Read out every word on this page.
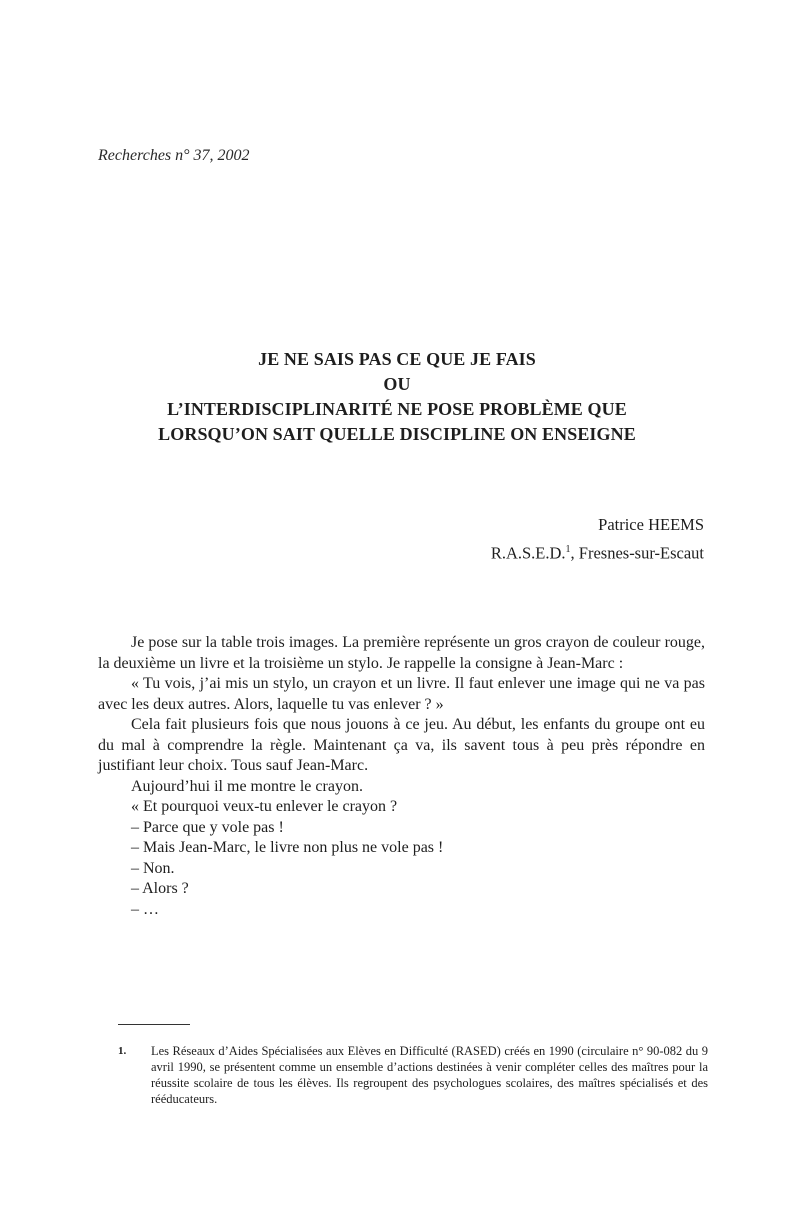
Recherches n° 37, 2002
JE NE SAIS PAS CE QUE JE FAIS
OU
L’INTERDISCIPLINARITÉ NE POSE PROBLÈME QUE
LORSQU’ON SAIT QUELLE DISCIPLINE ON ENSEIGNE
Patrice HEEMS
R.A.S.E.D.$^1$, Fresnes-sur-Escaut

Je pose sur la table trois images. La première représente un gros crayon de couleur rouge, la deuxième un livre et la troisième un stylo. Je rappelle la consigne à Jean-Marc :

« Tu vois, j’ai mis un stylo, un crayon et un livre. Il faut enlever une image qui ne va pas avec les deux autres. Alors, laquelle tu vas enlever ? »

Cela fait plusieurs fois que nous jouons à ce jeu. Au début, les enfants du groupe ont eu du mal à comprendre la règle. Maintenant ça va, ils savent tous à peu près répondre en justifiant leur choix. Tous sauf Jean-Marc.

Aujourd’hui il me montre le crayon.

« Et pourquoi veux-tu enlever le crayon ?

– Parce que y vole pas !

– Mais Jean-Marc, le livre non plus ne vole pas !

– Non.

– Alors ?

– …

1. Les Réseaux d’Aides Spécialisées aux Elèves en Difficulté (RASED) créés en 1990 (circulaire n° 90-082 du 9 avril 1990, se présentent comme un ensemble d’actions destinées à venir compléter celles des maîtres pour la réussite scolaire de tous les élèves. Ils regroupent des psychologues scolaires, des maîtres spécialisés et des rééducateurs.
